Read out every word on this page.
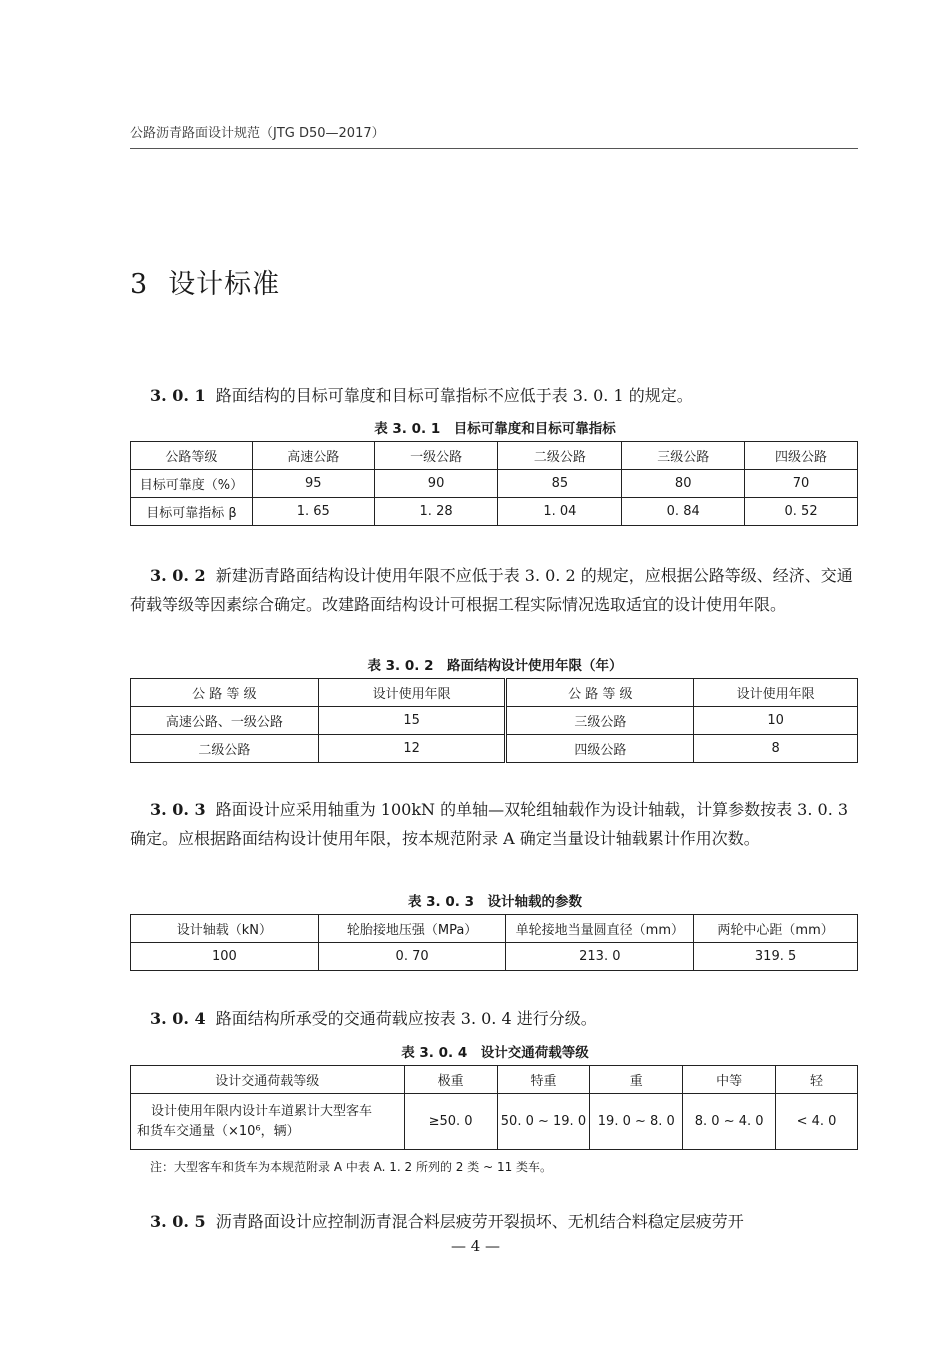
公路沥青路面设计规范（JTG D50—2017）
3 设计标准
3. 0. 1 路面结构的目标可靠度和目标可靠指标不应低于表 3. 0. 1 的规定。
表 3. 0. 1　目标可靠度和目标可靠指标
公路等级	高速公路	一级公路	二级公路	三级公路	四级公路
目标可靠度（%）	95	90	85	80	70
目标可靠指标 β	1. 65	1. 28	1. 04	0. 84	0. 52
3. 0. 2 新建沥青路面结构设计使用年限不应低于表 3. 0. 2 的规定，应根据公路等级、经济、交通荷载等级等因素综合确定。改建路面结构设计可根据工程实际情况选取适宜的设计使用年限。
表 3. 0. 2　路面结构设计使用年限（年）
公 路 等 级	设计使用年限	公 路 等 级	设计使用年限
高速公路、一级公路	15	三级公路	10
二级公路	12	四级公路	8
3. 0. 3 路面设计应采用轴重为 100kN 的单轴—双轮组轴载作为设计轴载，计算参数按表 3. 0. 3 确定。应根据路面结构设计使用年限，按本规范附录 A 确定当量设计轴载累计作用次数。
表 3. 0. 3　设计轴载的参数
设计轴载（kN）	轮胎接地压强（MPa）	单轮接地当量圆直径（mm）	两轮中心距（mm）
100	0. 70	213. 0	319. 5
3. 0. 4 路面结构所承受的交通荷载应按表 3. 0. 4 进行分级。
表 3. 0. 4　设计交通荷载等级
设计交通荷载等级	极重	特重	重	中等	轻

设计使用年限内设计车道累计大型客车
和货车交通量（×10⁶，辆）	≥50. 0	50. 0 ~ 19. 0	19. 0 ~ 8. 0	8. 0 ~ 4. 0	< 4. 0
注：大型客车和货车为本规范附录 A 中表 A. 1. 2 所列的 2 类 ~ 11 类车。
3. 0. 5 沥青路面设计应控制沥青混合料层疲劳开裂损坏、无机结合料稳定层疲劳开
— 4 —
